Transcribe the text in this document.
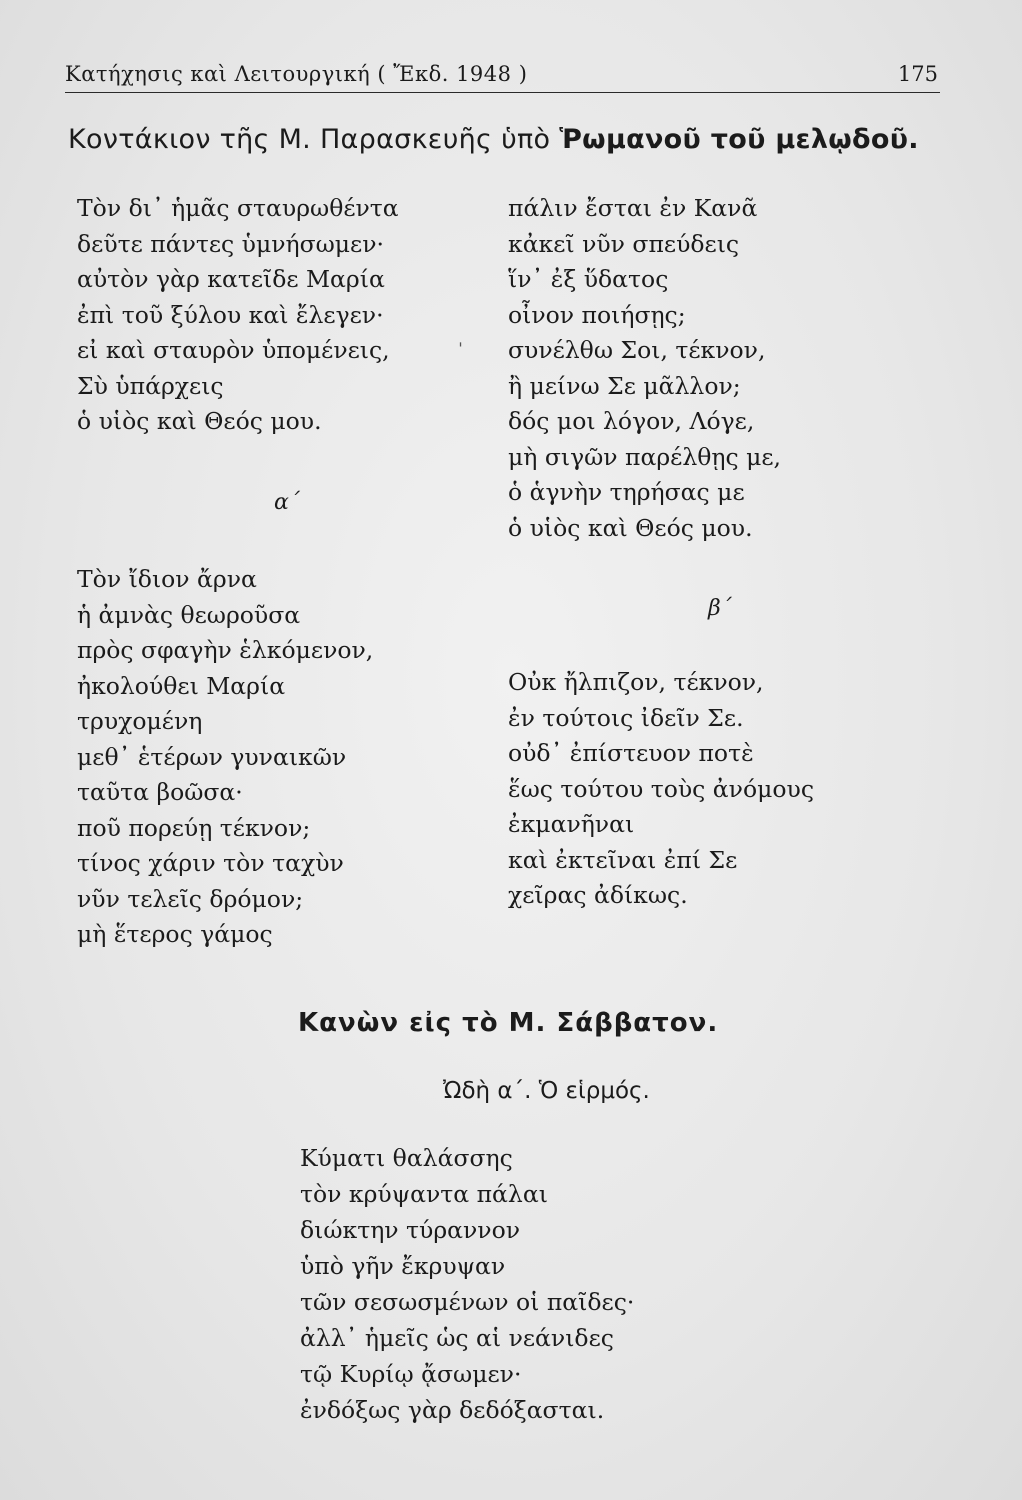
Κατήχησις καὶ Λειτουργική ( Ἔκδ. 1948 )	175
Κοντάκιον τῆς Μ. Παρασκευῆς ὑπὸ Ῥωμανοῦ τοῦ μελῳδοῦ.
Τὸν δι᾽ ἡμᾶς σταυρωθέντα
δεῦτε πάντες ὑμνήσωμεν·
αὐτὸν γὰρ κατεῖδε Μαρία
ἐπὶ τοῦ ξύλου καὶ ἔλεγεν·
εἰ καὶ σταυρὸν ὑπομένεις,
Σὺ ὑπάρχεις
ὁ υἱὸς καὶ Θεός μου.
ˈ
α΄
Τὸν ἴδιον ἄρνα
ἡ ἀμνὰς θεωροῦσα
πρὸς σφαγὴν ἑλκόμενον,
ἠκολούθει Μαρία
τρυχομένη
μεθ᾽ ἑτέρων γυναικῶν
ταῦτα βοῶσα·
ποῦ πορεύῃ τέκνον;
τίνος χάριν τὸν ταχὺν
νῦν τελεῖς δρόμον;
μὴ ἕτερος γάμος
πάλιν ἔσται ἐν Κανᾶ
κἀκεῖ νῦν σπεύδεις
ἵν᾽ ἐξ ὕδατος
οἶνον ποιήσῃς;
συνέλθω Σοι, τέκνον,
ἢ μείνω Σε μᾶλλον;
δός μοι λόγον, Λόγε,
μὴ σιγῶν παρέλθῃς με,
ὁ ἁγνὴν τηρήσας με
ὁ υἱὸς καὶ Θεός μου.
β΄
Οὐκ ἤλπιζον, τέκνον,
ἐν τούτοις ἰδεῖν Σε.
οὐδ᾽ ἐπίστευον ποτὲ
ἕως τούτου τοὺς ἀνόμους
ἐκμανῆναι
καὶ ἐκτεῖναι ἐπί Σε
χεῖρας ἀδίκως.
Κανὼν εἰς τὸ Μ. Σάββατον.
Ὠδὴ α΄. Ὁ εἱρμός.
Κύματι θαλάσσης
τὸν κρύψαντα πάλαι
διώκτην τύραννον
ὑπὸ γῆν ἔκρυψαν
τῶν σεσωσμένων οἱ παῖδες·
ἀλλ᾽ ἡμεῖς ὡς αἱ νεάνιδες
τῷ Κυρίῳ ᾄσωμεν·
ἐνδόξως γὰρ δεδόξασται.
